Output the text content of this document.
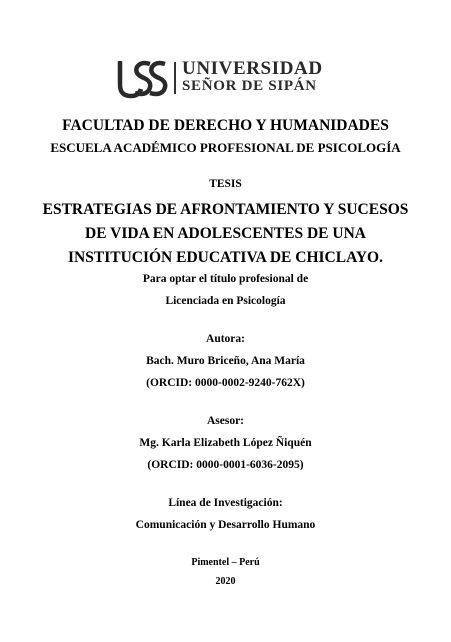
UNIVERSIDAD
SEÑOR DE SIPÁN
FACULTAD DE DERECHO Y HUMANIDADES
ESCUELA ACADÉMICO PROFESIONAL DE PSICOLOGÍA
TESIS
ESTRATEGIAS DE AFRONTAMIENTO Y SUCESOS
DE VIDA EN ADOLESCENTES DE UNA
INSTITUCIÓN EDUCATIVA DE CHICLAYO.
Para optar el título profesional de
Licenciada en Psicología
Autora:
Bach. Muro Briceño, Ana María
(ORCID: 0000-0002-9240-762X)
Asesor:
Mg. Karla Elizabeth López Ñiquén
(ORCID: 0000-0001-6036-2095)
Línea de Investigación:
Comunicación y Desarrollo Humano
Pimentel – Perú
2020
